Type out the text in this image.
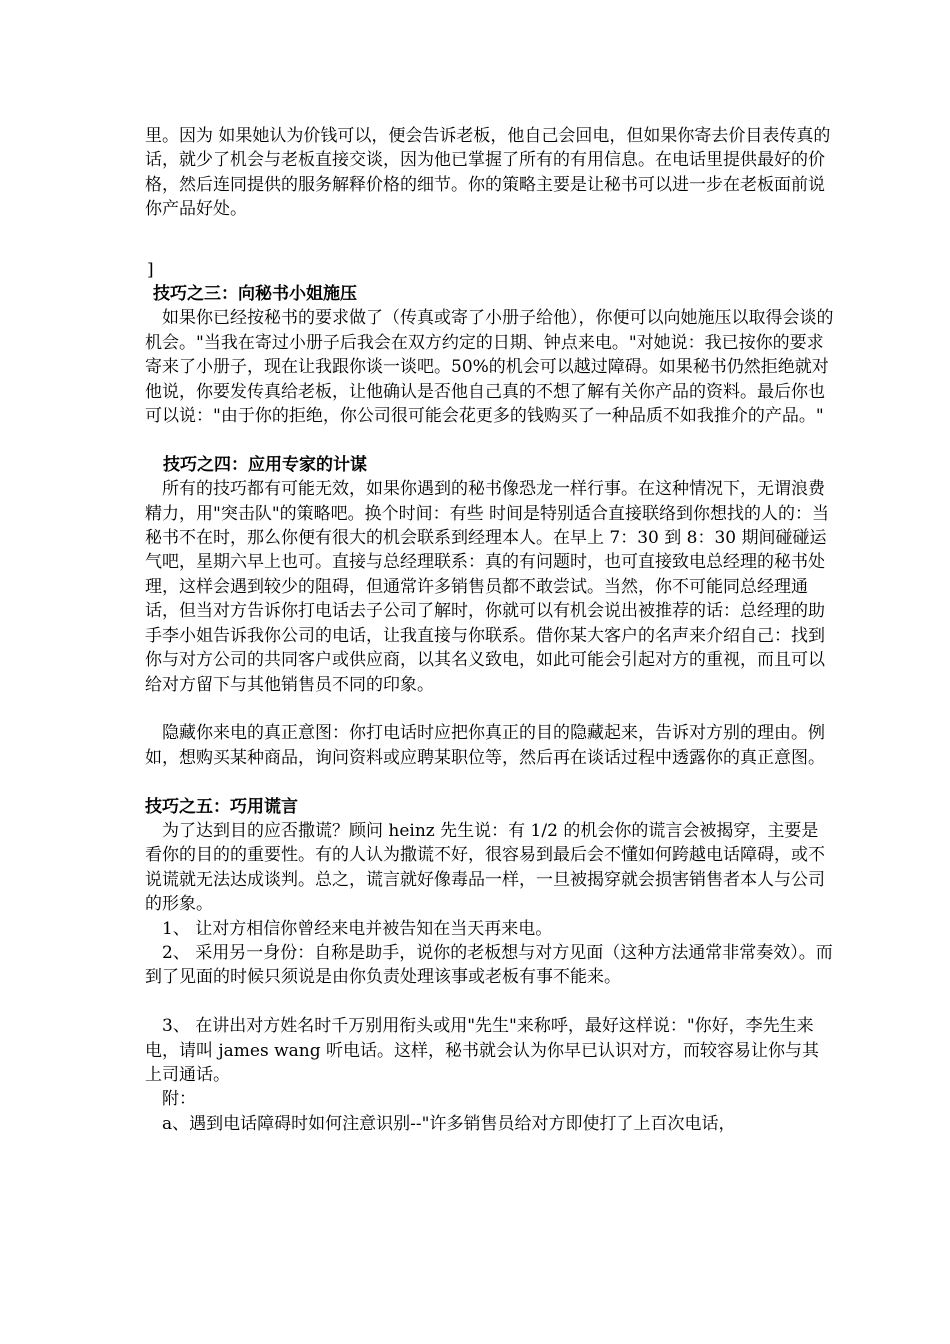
里。因为 如果她认为价钱可以，便会告诉老板，他自己会回电，但如果你寄去价目表传真的话，就少了机会与老板直接交谈，因为他已掌握了所有的有用信息。在电话里提供最好的价格，然后连同提供的服务解释价格的细节。你的策略主要是让秘书可以进一步在老板面前说你产品好处。

]

技巧之三：向秘书小姐施压

如果你已经按秘书的要求做了（传真或寄了小册子给他），你便可以向她施压以取得会谈的机会。"当我在寄过小册子后我会在双方约定的日期、钟点来电。"对她说：我已按你的要求寄来了小册子，现在让我跟你谈一谈吧。50%的机会可以越过障碍。如果秘书仍然拒绝就对他说，你要发传真给老板，让他确认是否他自己真的不想了解有关你产品的资料。最后你也可以说："由于你的拒绝，你公司很可能会花更多的钱购买了一种品质不如我推介的产品。"

技巧之四：应用专家的计谋

所有的技巧都有可能无效，如果你遇到的秘书像恐龙一样行事。在这种情况下，无谓浪费精力，用"突击队"的策略吧。换个时间：有些 时间是特别适合直接联络到你想找的人的：当秘书不在时，那么你便有很大的机会联系到经理本人。在早上 7：30 到 8：30 期间碰碰运气吧，星期六早上也可。直接与总经理联系：真的有问题时，也可直接致电总经理的秘书处理，这样会遇到较少的阻碍，但通常许多销售员都不敢尝试。当然，你不可能同总经理通话，但当对方告诉你打电话去子公司了解时，你就可以有机会说出被推荐的话：总经理的助手李小姐告诉我你公司的电话，让我直接与你联系。借你某大客户的名声来介绍自己：找到你与对方公司的共同客户或供应商，以其名义致电，如此可能会引起对方的重视，而且可以给对方留下与其他销售员不同的印象。

隐藏你来电的真正意图：你打电话时应把你真正的目的隐藏起来，告诉对方别的理由。例如，想购买某种商品，询问资料或应聘某职位等，然后再在谈话过程中透露你的真正意图。

技巧之五：巧用谎言

为了达到目的应否撒谎？顾问 heinz 先生说：有 1/2 的机会你的谎言会被揭穿，主要是看你的目的的重要性。有的人认为撒谎不好，很容易到最后会不懂如何跨越电话障碍，或不说谎就无法达成谈判。总之，谎言就好像毒品一样，一旦被揭穿就会损害销售者本人与公司的形象。

1、 让对方相信你曾经来电并被告知在当天再来电。

2、 采用另一身份：自称是助手，说你的老板想与对方见面（这种方法通常非常奏效）。而到了见面的时候只须说是由你负责处理该事或老板有事不能来。

3、 在讲出对方姓名时千万别用衔头或用"先生"来称呼，最好这样说："你好，李先生来电，请叫 james wang 听电话。这样，秘书就会认为你早已认识对方，而较容易让你与其上司通话。

附：

a、遇到电话障碍时如何注意识别--"许多销售员给对方即使打了上百次电话，
